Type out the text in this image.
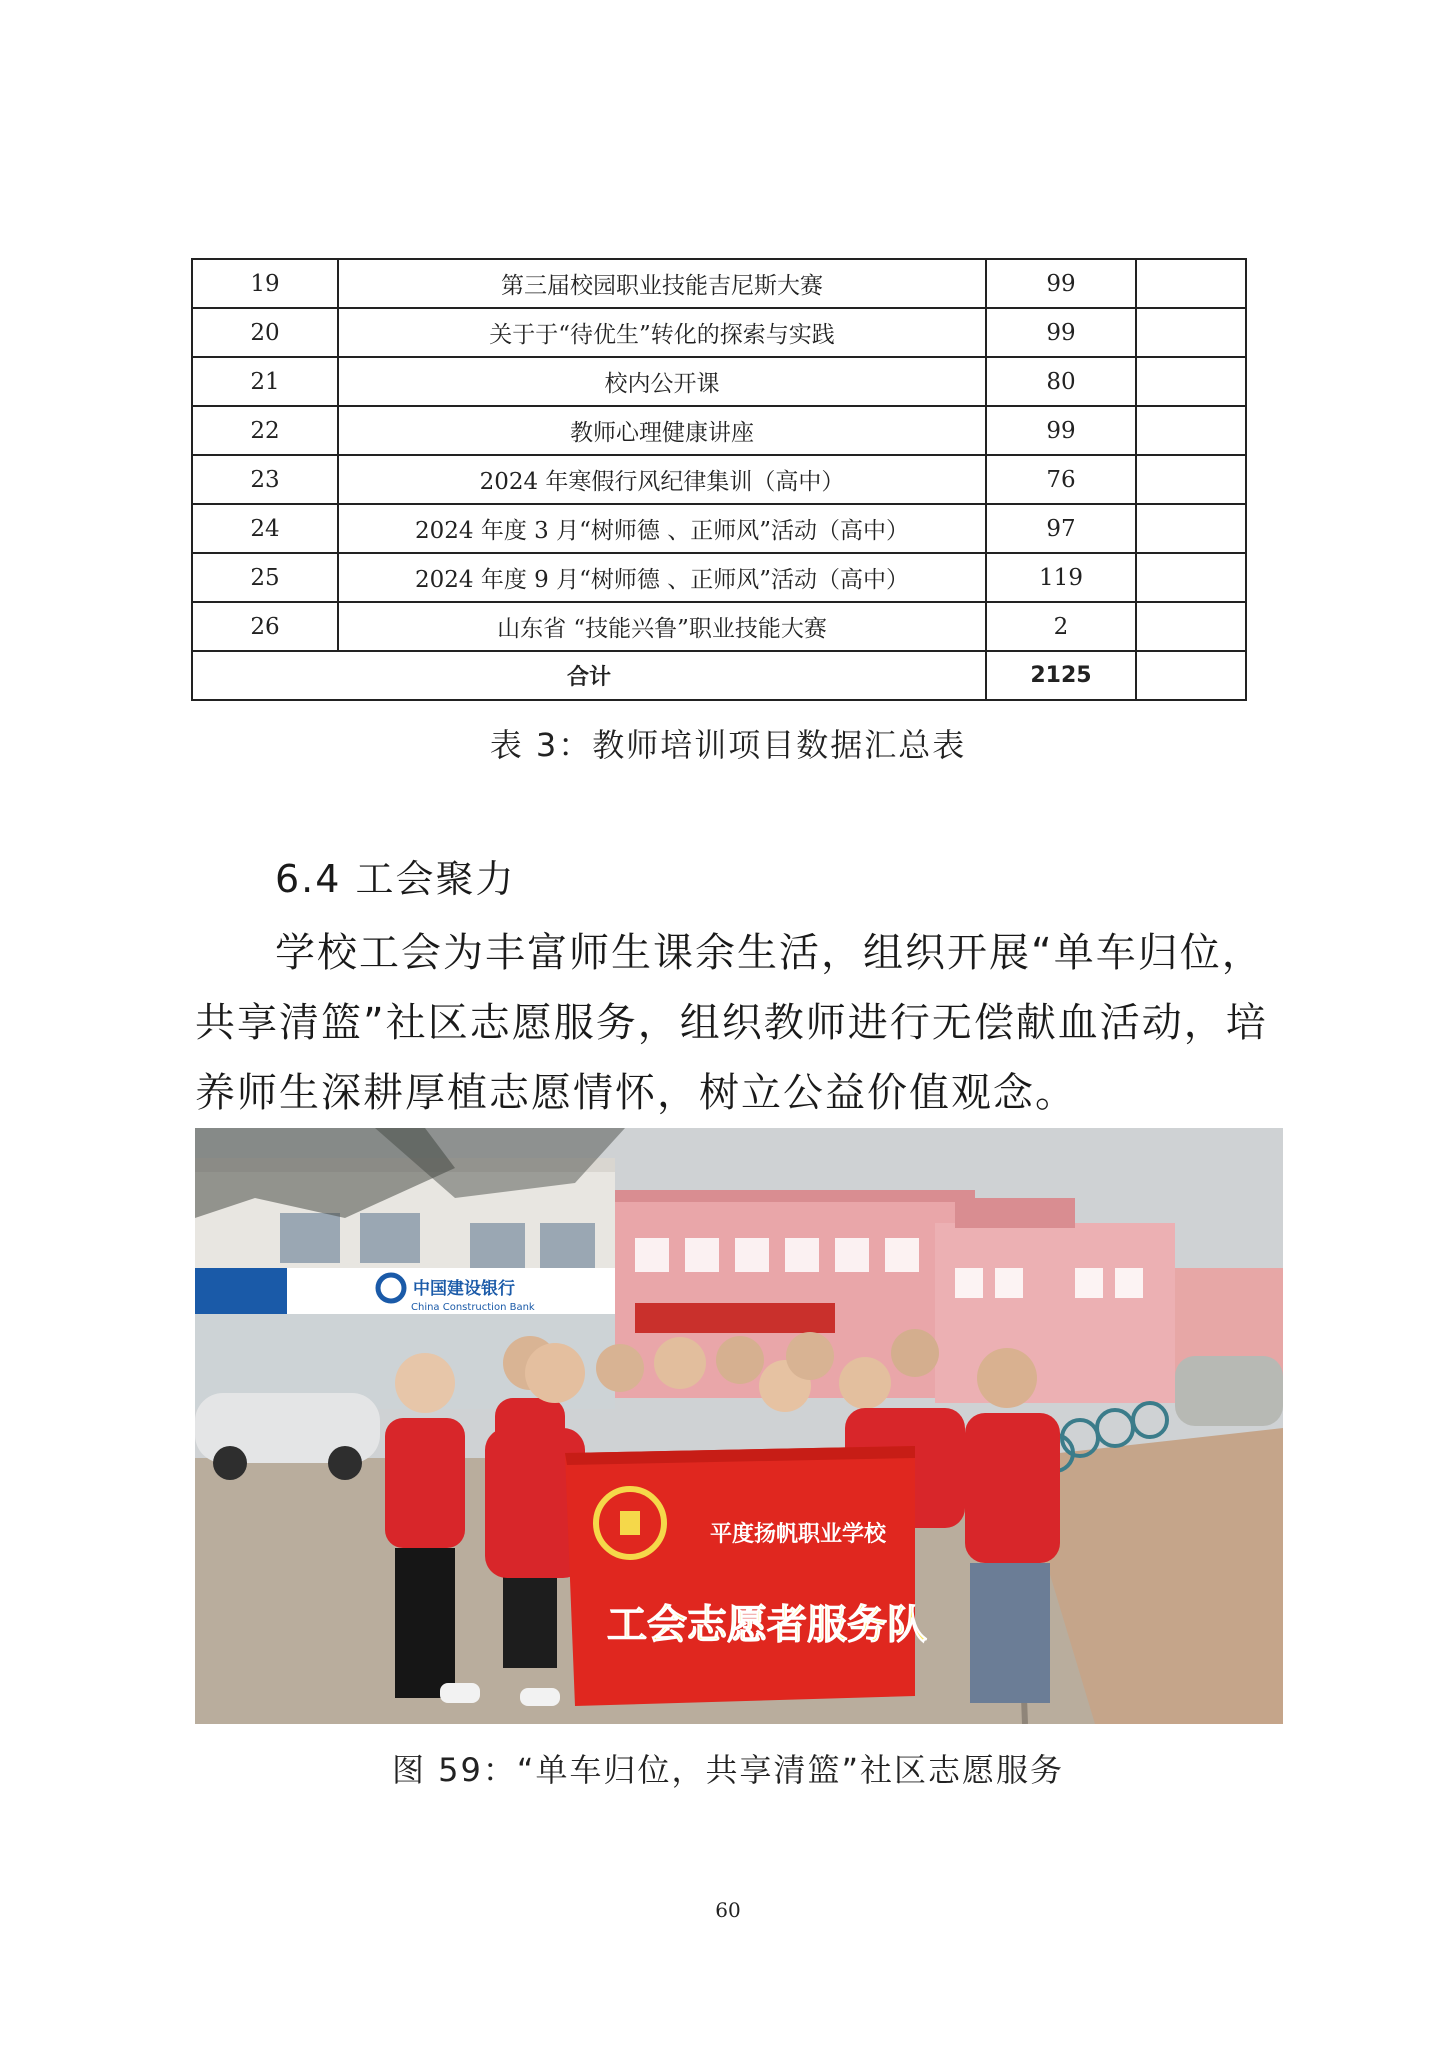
19	第三届校园职业技能吉尼斯大赛	99	
20	关于于“待优生”转化的探索与实践	99	
21	校内公开课	80	
22	教师心理健康讲座	99	
23	2024 年寒假行风纪律集训（高中）	76	
24	2024 年度 3 月“树师德 、正师风”活动（高中）	97	
25	2024 年度 9 月“树师德 、正师风”活动（高中）	119	
26	山东省 “技能兴鲁”职业技能大赛	2	
合计		2125	
表 3：教师培训项目数据汇总表
6.4 工会聚力

学校工会为丰富师生课余生活，组织开展“单车归位，共享清篮”社区志愿服务，组织教师进行无偿献血活动，培养师生深耕厚植志愿情怀，树立公益价值观念。

中国建设银行
China Construction Bank
平度扬帆职业学校
工会志愿者服务队
图 59：“单车归位，共享清篮”社区志愿服务
60
